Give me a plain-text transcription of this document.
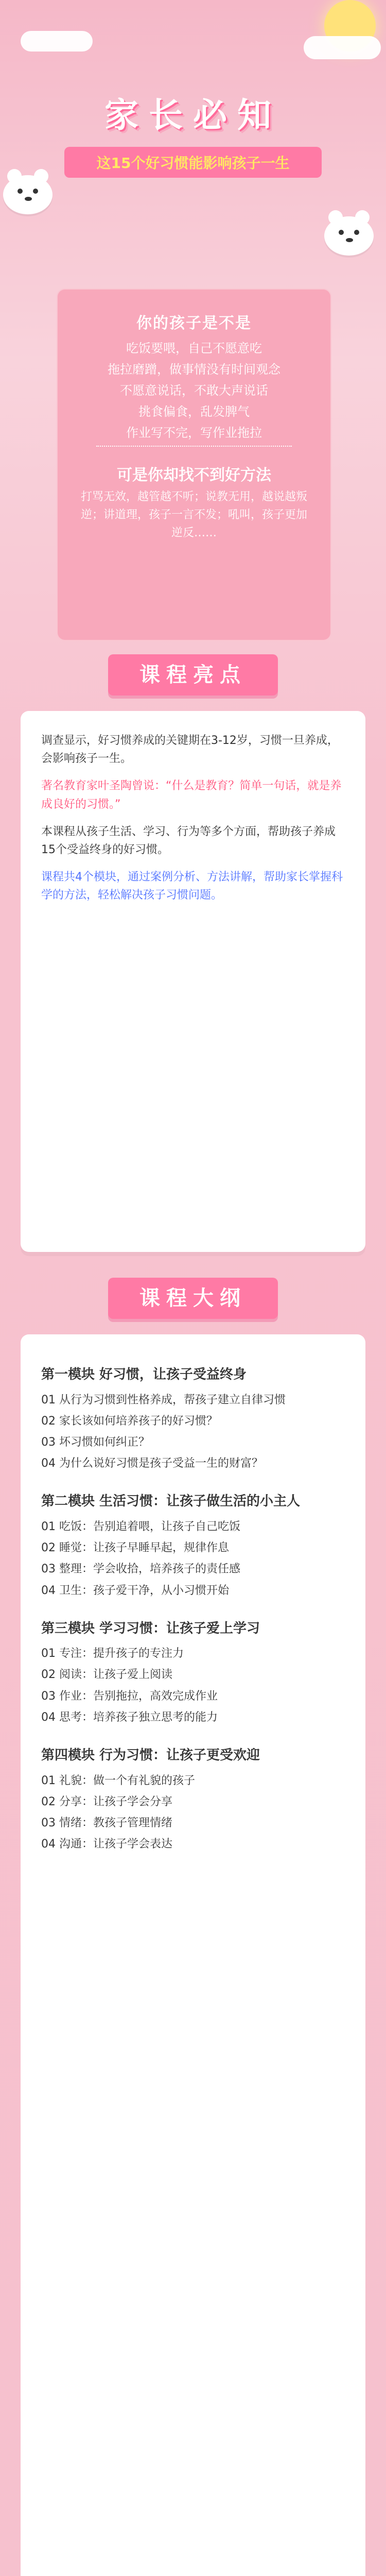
家长必知
这15个好习惯能影响孩子一生
你的孩子是不是
吃饭要喂，自己不愿意吃
拖拉磨蹭，做事情没有时间观念
不愿意说话，不敢大声说话
挑食偏食，乱发脾气
作业写不完，写作业拖拉
可是你却找不到好方法
打骂无效，越管越不听；说教无用，越说越叛逆；讲道理，孩子一言不发；吼叫，孩子更加逆反……
课程亮点
调查显示，好习惯养成的关键期在3-12岁，习惯一旦养成，会影响孩子一生。
著名教育家叶圣陶曾说：“什么是教育？简单一句话，就是养成良好的习惯。”
本课程从孩子生活、学习、行为等多个方面，帮助孩子养成15个受益终身的好习惯。
课程共4个模块，通过案例分析、方法讲解，帮助家长掌握科学的方法，轻松解决孩子习惯问题。
课程大纲
第一模块 好习惯，让孩子受益终身
01 从行为习惯到性格养成，帮孩子建立自律习惯
02 家长该如何培养孩子的好习惯？
03 坏习惯如何纠正？
04 为什么说好习惯是孩子受益一生的财富？
第二模块 生活习惯：让孩子做生活的小主人
01 吃饭：告别追着喂，让孩子自己吃饭
02 睡觉：让孩子早睡早起，规律作息
03 整理：学会收拾，培养孩子的责任感
04 卫生：孩子爱干净，从小习惯开始
第三模块 学习习惯：让孩子爱上学习
01 专注：提升孩子的专注力
02 阅读：让孩子爱上阅读
03 作业：告别拖拉，高效完成作业
04 思考：培养孩子独立思考的能力
第四模块 行为习惯：让孩子更受欢迎
01 礼貌：做一个有礼貌的孩子
02 分享：让孩子学会分享
03 情绪：教孩子管理情绪
04 沟通：让孩子学会表达
